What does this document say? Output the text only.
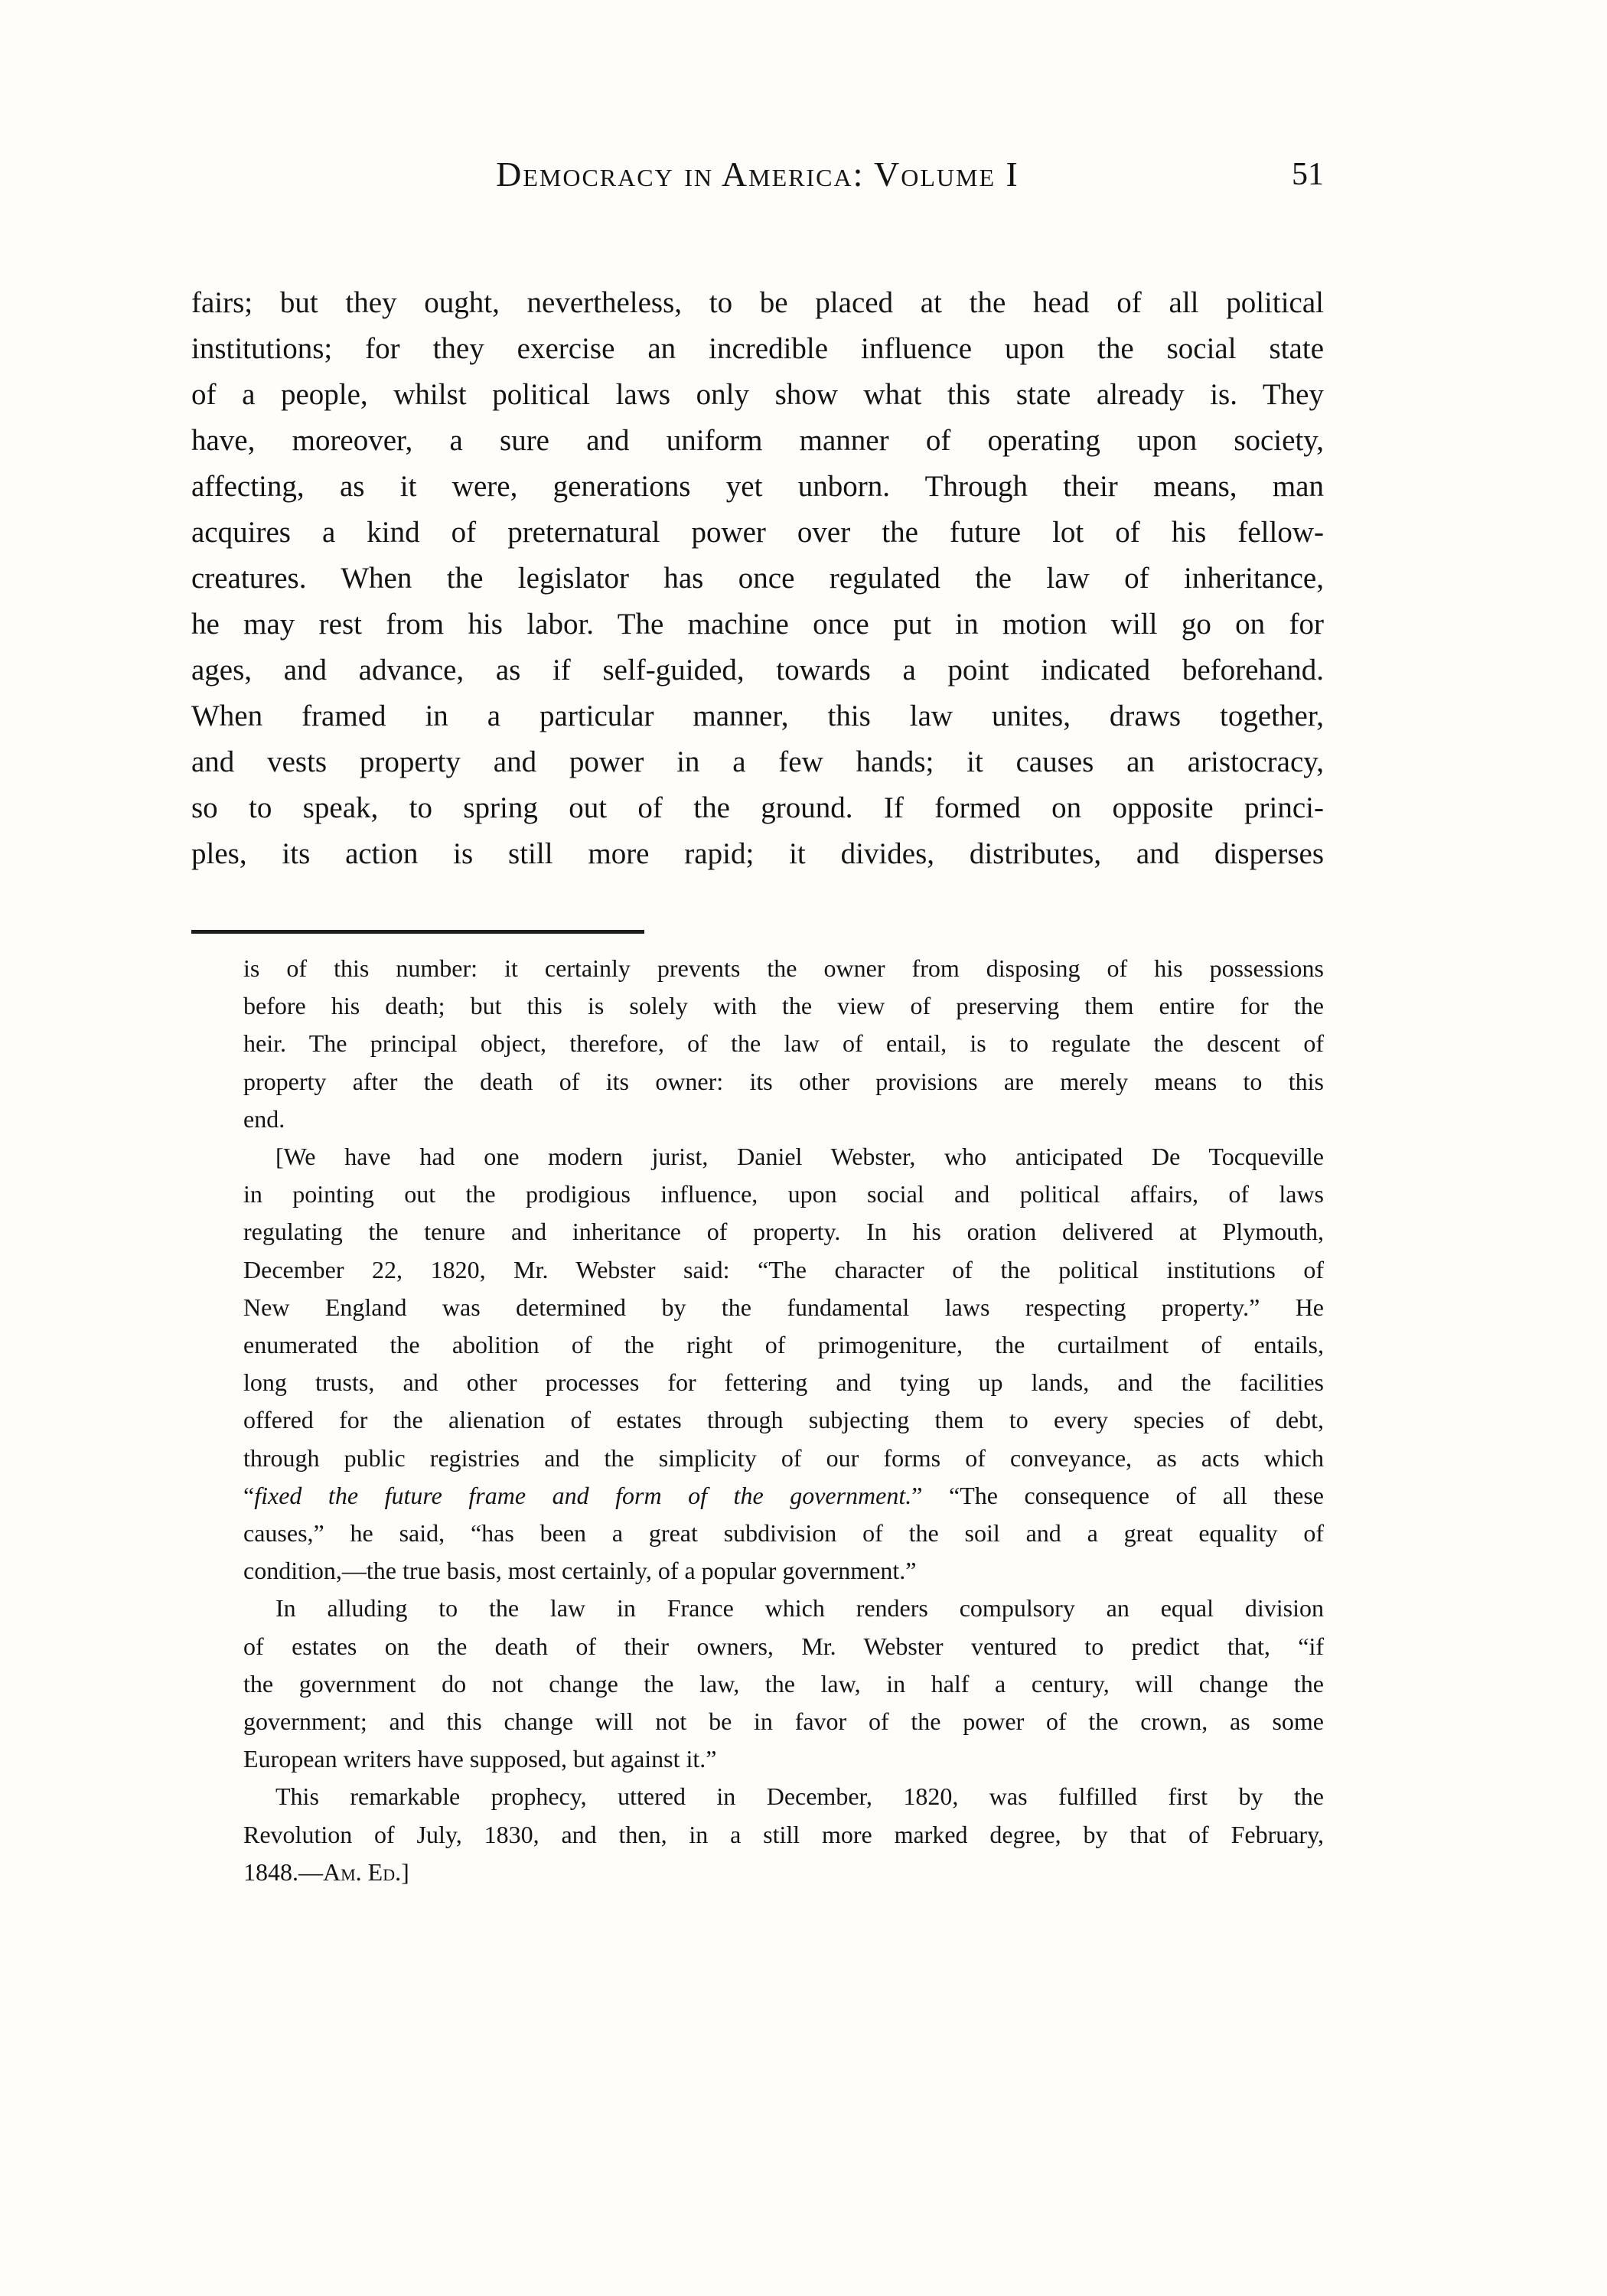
Democracy in America: Volume I	51
fairs; but they ought, nevertheless, to be placed at the head of all political
institutions; for they exercise an incredible influence upon the social state
of a people, whilst political laws only show what this state already is. They
have, moreover, a sure and uniform manner of operating upon society,
affecting, as it were, generations yet unborn. Through their means, man
acquires a kind of preternatural power over the future lot of his fellow-
creatures. When the legislator has once regulated the law of inheritance,
he may rest from his labor. The machine once put in motion will go on for
ages, and advance, as if self-guided, towards a point indicated beforehand.
When framed in a particular manner, this law unites, draws together,
and vests property and power in a few hands; it causes an aristocracy,
so to speak, to spring out of the ground. If formed on opposite princi-
ples, its action is still more rapid; it divides, distributes, and disperses
is of this number: it certainly prevents the owner from disposing of his possessions
before his death; but this is solely with the view of preserving them entire for the
heir. The principal object, therefore, of the law of entail, is to regulate the descent of
property after the death of its owner: its other provisions are merely means to this
end.
[We have had one modern jurist, Daniel Webster, who anticipated De Tocqueville
in pointing out the prodigious influence, upon social and political affairs, of laws
regulating the tenure and inheritance of property. In his oration delivered at Plymouth,
December 22, 1820, Mr. Webster said: “The character of the political institutions of
New England was determined by the fundamental laws respecting property.” He
enumerated the abolition of the right of primogeniture, the curtailment of entails,
long trusts, and other processes for fettering and tying up lands, and the facilities
offered for the alienation of estates through subjecting them to every species of debt,
through public registries and the simplicity of our forms of conveyance, as acts which
“fixed the future frame and form of the government.” “The consequence of all these
causes,” he said, “has been a great subdivision of the soil and a great equality of
condition,—the true basis, most certainly, of a popular government.”
In alluding to the law in France which renders compulsory an equal division
of estates on the death of their owners, Mr. Webster ventured to predict that, “if
the government do not change the law, the law, in half a century, will change the
government; and this change will not be in favor of the power of the crown, as some
European writers have supposed, but against it.”
This remarkable prophecy, uttered in December, 1820, was fulfilled first by the
Revolution of July, 1830, and then, in a still more marked degree, by that of February,
1848.—Am. Ed.]
